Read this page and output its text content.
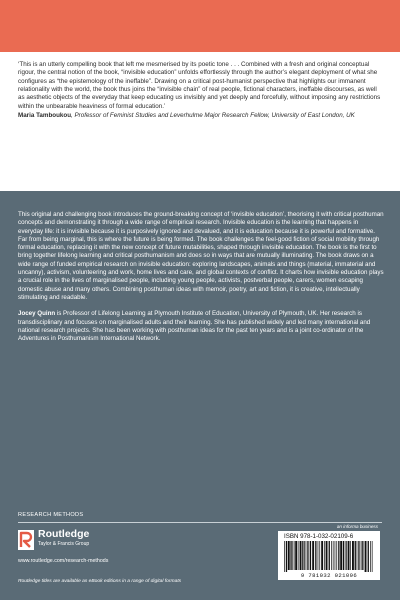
‘This is an utterly compelling book that left me mesmerised by its poetic tone . . . Combined with a fresh and original conceptual rigour, the central notion of the book, “invisible education” unfolds effortlessly through the author’s elegant deployment of what she configures as “the epistemology of the ineffable”. Drawing on a critical post-humanist perspective that highlights our immanent relationality with the world, the book thus joins the “invisible chain” of real people, fictional characters, ineffable discourses, as well as aesthetic objects of the everyday that keep educating us invisibly and yet deeply and forcefully, without imposing any restrictions within the unbearable heaviness of formal education.’

Maria Tamboukou, Professor of Feminist Studies and Leverhulme Major Research Fellow, University of East London, UK

This original and challenging book introduces the ground-breaking concept of ‘invisible education’, theorising it with critical posthuman concepts and demonstrating it through a wide range of empirical research. Invisible education is the learning that happens in everyday life: it is invisible because it is purposively ignored and devalued, and it is education because it is powerful and formative. Far from being marginal, this is where the future is being formed. The book challenges the feel-good fiction of social mobility through formal education, replacing it with the new concept of future mutabilities, shaped through invisible education. The book is the first to bring together lifelong learning and critical posthumanism and does so in ways that are mutually illuminating. The book draws on a wide range of funded empirical research on invisible education: exploring landscapes, animals and things (material, immaterial and uncanny), activism, volunteering and work, home lives and care, and global contexts of conflict. It charts how invisible education plays a crucial role in the lives of marginalised people, including young people, activists, postverbal people, carers, women escaping domestic abuse and many others. Combining posthuman ideas with memoir, poetry, art and fiction, it is creative, intellectually stimulating and readable.

Jocey Quinn is Professor of Lifelong Learning at Plymouth Institute of Education, University of Plymouth, UK. Her research is transdisciplinary and focuses on marginalised adults and their learning. She has published widely and led many international and national research projects. She has been working with posthuman ideas for the past ten years and is a joint co-ordinator of the Adventures in Posthumanism International Network.

RESEARCH METHODS
an informa business
Routledge
Taylor & Francis Group
www.routledge.com/research-methods
Routledge titles are available as eBook editions in a range of digital formats
ISBN 978-1-032-02109-6
9 781032 021096
